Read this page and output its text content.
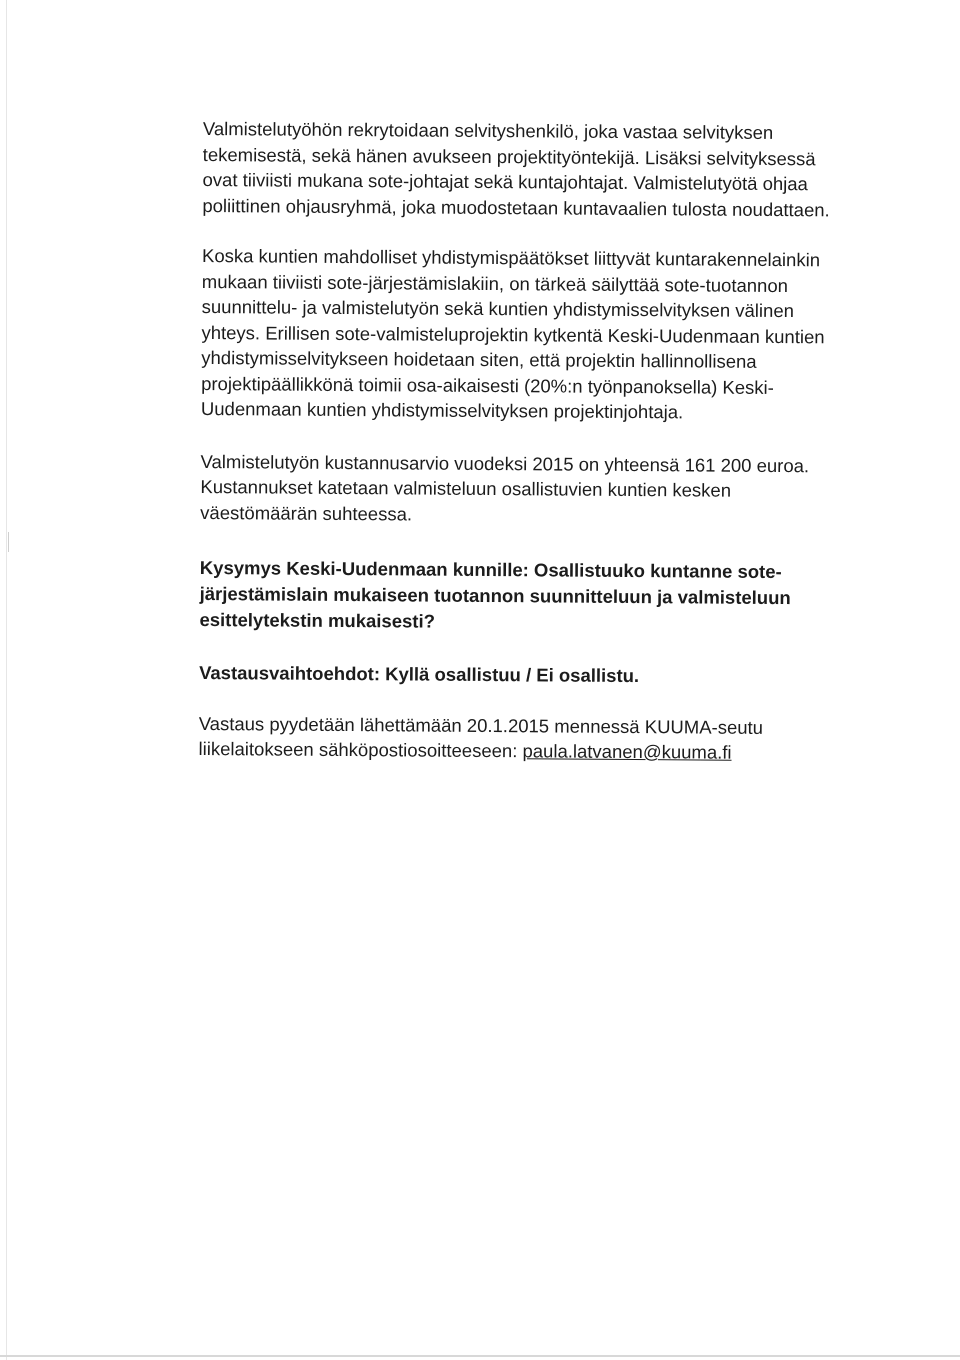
Valmistelutyöhön rekrytoidaan selvityshenkilö, joka vastaa selvityksen
tekemisestä, sekä hänen avukseen projektityöntekijä. Lisäksi selvityksessä
ovat tiiviisti mukana sote-johtajat sekä kuntajohtajat. Valmistelutyötä ohjaa
poliittinen ohjausryhmä, joka muodostetaan kuntavaalien tulosta noudattaen.

Koska kuntien mahdolliset yhdistymispäätökset liittyvät kuntarakennelainkin
mukaan tiiviisti sote-järjestämislakiin, on tärkeä säilyttää sote-tuotannon
suunnittelu- ja valmistelutyön sekä kuntien yhdistymisselvityksen välinen
yhteys. Erillisen sote-valmisteluprojektin kytkentä Keski-Uudenmaan kuntien
yhdistymisselvitykseen hoidetaan siten, että projektin hallinnollisena
projektipäällikkönä toimii osa-aikaisesti (20%:n työnpanoksella) Keski-
Uudenmaan kuntien yhdistymisselvityksen projektinjohtaja.

Valmistelutyön kustannusarvio vuodeksi 2015 on yhteensä 161 200 euroa.
Kustannukset katetaan valmisteluun osallistuvien kuntien kesken
väestömäärän suhteessa.

Kysymys Keski-Uudenmaan kunnille: Osallistuuko kuntanne sote-
järjestämislain mukaiseen tuotannon suunnitteluun ja valmisteluun
esittelytekstin mukaisesti?

Vastausvaihtoehdot: Kyllä osallistuu / Ei osallistu.

Vastaus pyydetään lähettämään 20.1.2015 mennessä KUUMA-seutu
liikelaitokseen sähköpostiosoitteeseen: paula.latvanen@kuuma.fi
